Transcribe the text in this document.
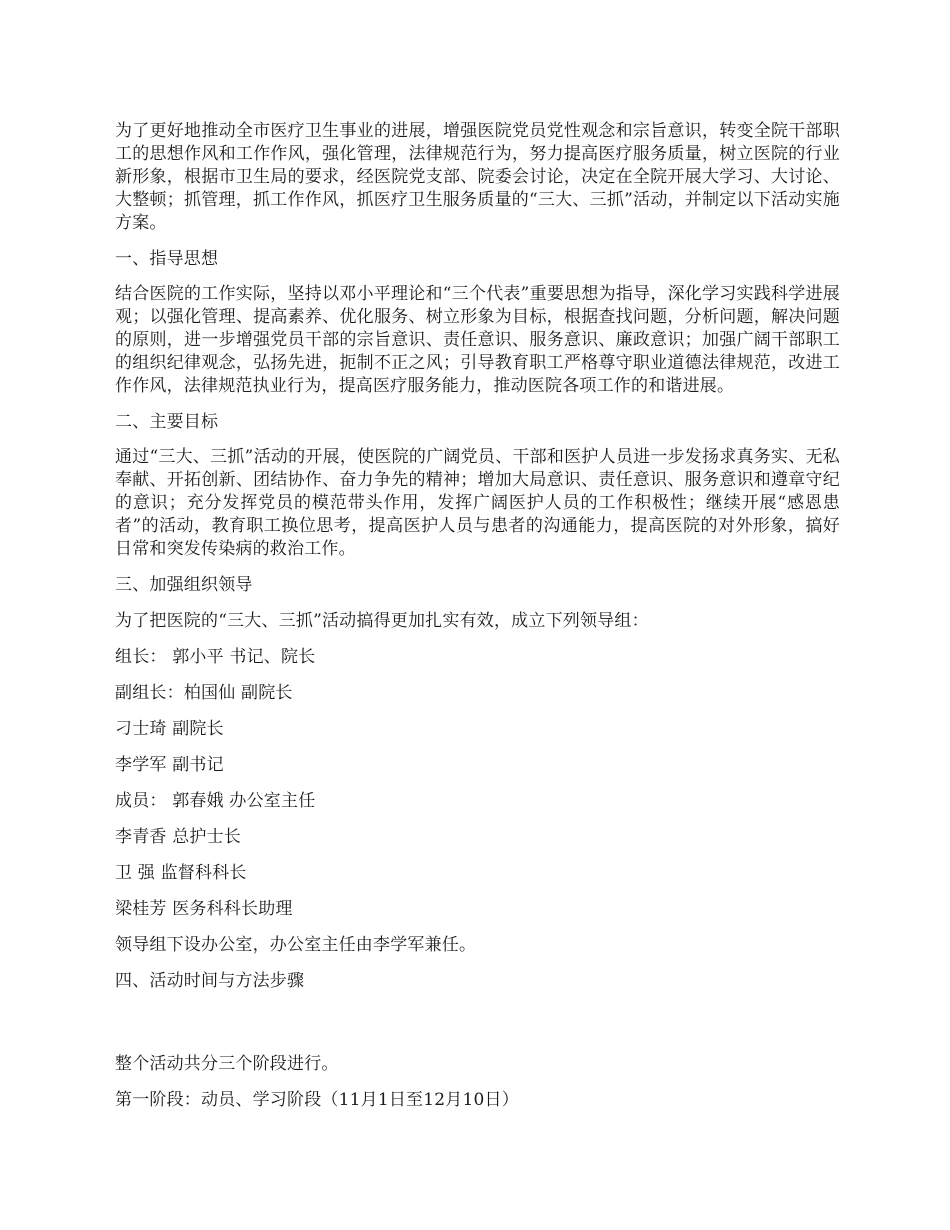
为了更好地推动全市医疗卫生事业的进展，增强医院党员党性观念和宗旨意识，转变全院干部职工的思想作风和工作作风，强化管理，法律规范行为，努力提高医疗服务质量，树立医院的行业新形象，根据市卫生局的要求，经医院党支部、院委会讨论，决定在全院开展大学习、大讨论、大整顿；抓管理，抓工作作风，抓医疗卫生服务质量的“三大、三抓”活动，并制定以下活动实施方案。

一、指导思想

结合医院的工作实际，坚持以邓小平理论和“三个代表”重要思想为指导，深化学习实践科学进展观；以强化管理、提高素养、优化服务、树立形象为目标，根据查找问题，分析问题，解决问题的原则，进一步增强党员干部的宗旨意识、责任意识、服务意识、廉政意识；加强广阔干部职工的组织纪律观念，弘扬先进，扼制不正之风；引导教育职工严格尊守职业道德法律规范，改进工作作风，法律规范执业行为，提高医疗服务能力，推动医院各项工作的和谐进展。

二、主要目标

通过“三大、三抓”活动的开展，使医院的广阔党员、干部和医护人员进一步发扬求真务实、无私奉献、开拓创新、团结协作、奋力争先的精神；增加大局意识、责任意识、服务意识和遵章守纪的意识；充分发挥党员的模范带头作用，发挥广阔医护人员的工作积极性；继续开展“感恩患者”的活动，教育职工换位思考，提高医护人员与患者的沟通能力，提高医院的对外形象，搞好日常和突发传染病的救治工作。

三、加强组织领导

为了把医院的“三大、三抓”活动搞得更加扎实有效，成立下列领导组：

组长： 郭小平 书记、院长

副组长：柏国仙 副院长

刁士琦 副院长

李学军 副书记

成员： 郭春娥 办公室主任

李青香 总护士长

卫 强 监督科科长

梁桂芳 医务科科长助理

领导组下设办公室，办公室主任由李学军兼任。

四、活动时间与方法步骤

整个活动共分三个阶段进行。

第一阶段：动员、学习阶段（11月1日至12月10日）
